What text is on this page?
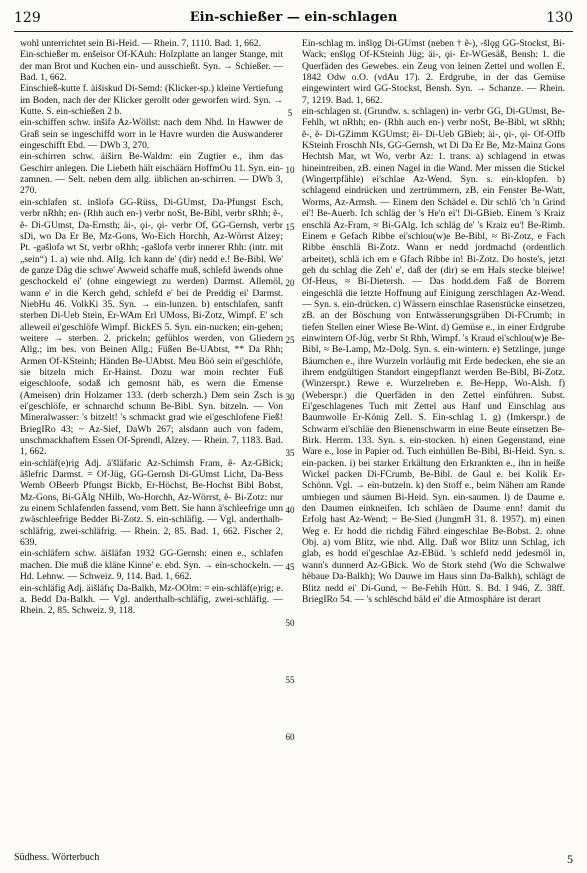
129	Ein-schießer — ein-schlagen	130

wohl unterrichtet sein Bi-Heid. — Rhein. 7, 1110. Bad. 1, 662.

Ein-schießer m. enšeisor Of-KAuh: Holzplatte an langer Stange, mit der man Brot und Kuchen ein- und ausschießt. Syn. → Schießer. — Bad. 1, 662.

Einschieß-kutte f. äišiskud Di-Semd: (Klicker-sp.) kleine Vertiefung im Boden, nach der der Klicker gerollt oder geworfen wird. Syn. → Kutte. S. ein-schießen 2 b.

ein-schiffen schw. inšifə Az-Wöllst: nach dem Nhd. In Hawwer de Graß sein se ingeschiffd worr in le Havre wurden die Auswanderer eingeschifft Ebd. — DWb 3, 270.

ein-schirren schw. äiširn Be-Waldm: ein Zugtier e., ihm das Geschirr anlegen. Die Liebeth hält eischäärn HoffmOu 11. Syn. ein-zamnen. — Selt. neben dem allg. üblichen an-schirren. — DWb 3, 270.

ein-schlafen st. inšlofə GG-Rüss, Di-GUmst, Da-Pfungst Esch, verbr nRhh; en- (Rhh auch en-) verbr noSt, Be-Bibl, verbr sRhh; ẽ-, ẽ- Di-GUmst, Da-Ernsth; äi-, ǫi-, ǫi- verbr Of, GG-Gernsh, verbr sDi, wo Da Er Be, Mz-Gons, Wo-Eich Horchh, Az-Wörrst Alzey; Pt. -gəšlofə wt St, verbr oRhh; -gəšlofə verbr innerer Rhh: (intr. mit „sein“) 1. a) wie nhd. Allg. Ich kann de' (dir) nedd e.! Be-Bibl. We' de ganze Dåg die schwe' Awweid schaffe muß, schlefd äwends ohne geschockeld ei' (ohne eingewiegt zu werden) Darmst. Allemöl, wann e' in die Kerch gehd, schlefd e' bei de Preddig ei' Darmst. NiebHu 46. VolkKi 35. Syn. → ein-lunzen. b) entschlafen, sanft sterben Di-Ueb Stein, Er-WAm Erl UMoss, Bi-Zotz, Wimpf. E' sch alleweil ei'geschlöfe Wimpf. BickES 5. Syn. ein-nucken; ein-gehen; weitere → sterben. 2. prickeln; gefühlos werden, von Gliedern Allg.; im bes. von Beinen Allg.; Füßen Be-UAbtst, ** Da Rhh; Armen Of-KSteinh; Händen Be-UAbtst. Meu Böö sein ei'geschlöfe, sie bitzeln mich Er-Hainst. Dozu war moin rechter Fuß eigeschloofe, sodaß ich gemosnt häb, es wern die Emense (Ameisen) drin Holzamer 133. (derb scherzh.) Dem sein Zsch is ei'geschlöfe, er schnarchd schunn Be-Bibl. Syn. bitzeln. — Von Mineralwasser: 's bitzelt! 's schmackt grad wie ei'geschlofene Fieß! BriegIRo 43; ~ Az-Sief, DaWb 267; alsdann auch von fadem, unschmackhaftem Essen Of-Sprendl, Alzey. — Rhein. 7, 1183. Bad. 1, 662.

ein-schläf(e)rig Adj. ä'šläfəric Az-Schimsh Fram, ẽ- Az-GBick; äšlefric Darmst. = Of-Jüg, GG-Gernsh Di-GUmst Licht, Da-Bess Wemb OBeerb Pfungst Bickb, Er-Höchst, Be-Hochst Bibl Bobst, Mz-Gons, Bi-GÄlg NHilb, Wo-Horchh, Az-Wörrst, ẽ- Bi-Zotz: nur zu einem Schlafenden fassend, vom Bett. Sie hann ä'schleefrige unn zwäschleefrige Bedder Bi-Zotz. S. ein-schläfig. — Vgl. anderthalb-schläfrig, zwei-schläfrig. — Rhein. 2, 85. Bad. 1, 662. Fischer 2, 639.

ein-schläfern schw. äišläfən 1932 GG-Gernsh: einen e., schlafen machen. Die muß die kläne Kinne' e. ebd. Syn. → ein-schockeln. — Hd. Lehnw. — Schweiz. 9, 114. Bad. 1, 662.

ein-schläfig Adj. äišläfɪç Da-Balkh, Mz-OOlm: = ein-schläf(e)rig; e. a. Bedd Da-Balkh. — Vgl. anderthalb-schläfig, zwei-schläfig. — Rhein. 2, 85. Schweiz. 9, 118.

Ein-schlag m. inšlǫg Di-GUmst (neben † ẽ-), -šlǫg GG-Stockst, Bi-Wack; enšlǫg Of-KSteinh Jüg; äi-, ǫi- Er-WGesäß, Bensh: 1. die Querfäden des Gewebes. ein Zeug von leinen Zettel und wollen E. 1842 Odw o.O. (vdAu 17). 2. Erdgrube, in der das Gemüse eingewintert wird GG-Stockst, Bensh. Syn. → Schanze. — Rhein. 7, 1219. Bad. 1, 662.

ein-schlagen st. (Grundw. s. schlagen) in- verbr GG, Di-GUmst, Be-Fehlh, wt nRhh; en- (Rhh auch en-) verbr noSt, Be-Bibl, wt sRhh; ẽ-, ẽ- Di-GZimm KGUmst; ẽi- Di-Ueb GBieb; äi-, ǫi-, ǫi- Of-Offb KSteinh Froschh NIs, GG-Gernsh, wt Di Da Er Be, Mz-Mainz Gons Hechtsh Mar, wt Wo, verbr Az: 1. trans. a) schlagend in etwas hineintreiben, zB. einen Nagel in die Wand. Mer missen die Stickel (Wingertpfähle) ei'schlae Az-Wend. Syn. s. ein-klopfen. b) schlagend eindrücken und zertrümmern, zB. ein Fenster Be-Watt, Worms, Az-Armsh. — Einem den Schädel e. Dir schlö 'ch 'n Grind ei'! Be-Auerb. Ich schläg der 's He'n ei'! Di-GBieb. Einem 's Kraiz enschlä Az-Fram, ≈ Bi-GAlg. Ich schläg de' 's Kraiz eu'! Be-Rimb. Einem e Gefach Ribbe ei'schlou(w)e Be-Bibl, ≈ Bi-Zotz, e Fach Ribbe ënschlä Bi-Zotz. Wann er nedd jordmachd (ordentlich arbeitet), schlä ich em e Gfach Ribbe in! Bi-Zotz. Do hoste's, jetzt geh du schlag die Zeh' e', daß der (dir) se em Hals stecke bleiwe! Of-Heus, ≈ Bi-Dietersh. — Das hodd.dem Faß de Borrem eingeschlä die letzte Hoffnung auf Einigung zerschlagen Az-Wend. — Syn. s. ein-drücken. c) Wässern einschlae Rasenstücke einsetzen, zB. an der Böschung von Entwässerungsgräben Di-FCrumb; in tiefen Stellen einer Wiese Be-Wint. d) Gemüse e., in einer Erdgrube einwintern Of-Jüg, verbr St Rhh, Wimpf. 's Kraud ei'schlou(w)e Be-Bibl, ≈ Be-Lamp, Mz-Dolg. Syn. s. ein-wintern. e) Setzlinge, junge Bäumchen e., ihre Wurzeln vorläufig mit Erde bedecken, ehe sie an ihrem endgültigen Standort eingepflanzt werden Be-Bibl, Bi-Zotz. (Winzerspr.) Rewe e. Wurzelreben e. Be-Hepp, Wo-Alsh. f) (Weberspr.) die Querfäden in den Zettel einführen. Subst. Ei'geschlagenes Tuch mit Zettel aus Hanf und Einschlag aus Baumwolle Er-König Zell. S. Ein-schlag 1. g) (Imkerspr.) de Schwarm ei'schläe den Bienenschwarm in eine Beute einsetzen Be-Birk. Herrm. 133. Syn. s. ein-stocken. h) einen Gegenstand, eine Ware e., lose in Papier od. Tuch einhüllen Be-Bibl, Bi-Heid. Syn. s. ein-packen. i) bei starker Erkältung den Erkrankten e., ihn in heiße Wickel packen Di-FCrumb, Be-Bibl. de Gaul e. bei Kolik Er-Schönn. Vgl. → ein-butzeln. k) den Stoff e., beim Nähen am Rande umbiegen und säumen Bi-Heid. Syn. ein-saumen. l) de Daume e. den Daumen einkneifen. Ich schläen de Daume enn! damit du Erfolg hast Az-Wend; ~ Be-Sied (JungmH 31. 8. 1957). m) einen Weg e. Er hodd die richdig Fährd eingeschlae Be-Bobst. 2. ohne Obj. a) vom Blitz, wie nhd. Allg. Daß wor Blitz unn Schlag, ich glab, es hodd ei'geschlae Az-EBüd. 's schlefd nedd jedesmöl in, wann's dunnerd Az-GBick. Wo de Stork stehd (Wo die Schwalwe hëbaue Da-Balkh); Wo Dauwe im Haus sinn Da-Balkh), schlägt de Blitz nedd ei' Di-Gund, ~ Be-Fehlh Hütt. S. Bd. I 946, Z. 38ff. BriegIRo 54. — 's schlēschd bäld ei' die Atmosphäre ist derart

5
10
15
20
25
30
35
40
45
50
55
60
Südhess. Wörterbuch	5
